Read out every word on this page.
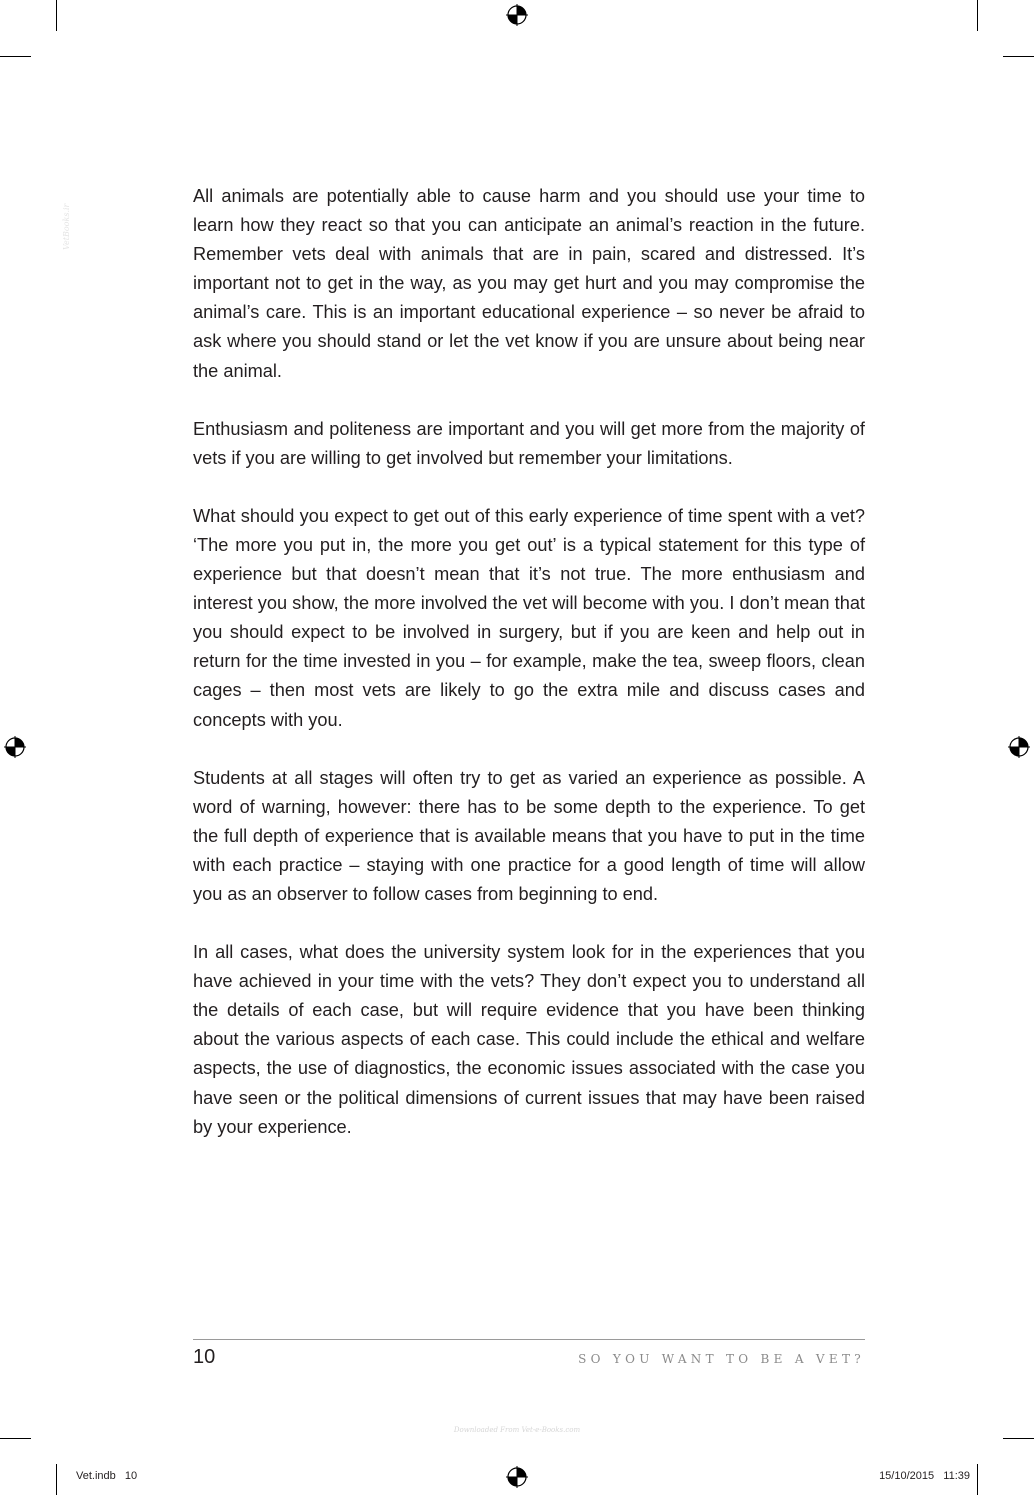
VetBooks.ir

All animals are potentially able to cause harm and you should use your time to learn how they react so that you can anticipate an animal’s reaction in the future. Remember vets deal with animals that are in pain, scared and distressed. It’s important not to get in the way, as you may get hurt and you may compromise the animal’s care. This is an important educational experience – so never be afraid to ask where you should stand or let the vet know if you are unsure about being near the animal.

Enthusiasm and politeness are important and you will get more from the majority of vets if you are willing to get involved but remember your limitations.

What should you expect to get out of this early experience of time spent with a vet? ‘The more you put in, the more you get out’ is a typical statement for this type of experience but that doesn’t mean that it’s not true. The more enthusiasm and interest you show, the more involved the vet will become with you. I don’t mean that you should expect to be involved in surgery, but if you are keen and help out in return for the time invested in you – for example, make the tea, sweep floors, clean cages – then most vets are likely to go the extra mile and discuss cases and concepts with you.

Students at all stages will often try to get as varied an experience as possible. A word of warning, however: there has to be some depth to the experience. To get the full depth of experience that is available means that you have to put in the time with each practice – staying with one practice for a good length of time will allow you as an observer to follow cases from beginning to end.

In all cases, what does the university system look for in the experiences that you have achieved in your time with the vets? They don’t expect you to understand all the details of each case, but will require evidence that you have been thinking about the various aspects of each case. This could include the ethical and welfare aspects, the use of diagnostics, the economic issues associated with the case you have seen or the political dimensions of current issues that may have been raised by your experience.

10	SO YOU WANT TO BE A VET?
Downloaded From Vet-e-Books.com
Vet.indb   10	15/10/2015   11:39
